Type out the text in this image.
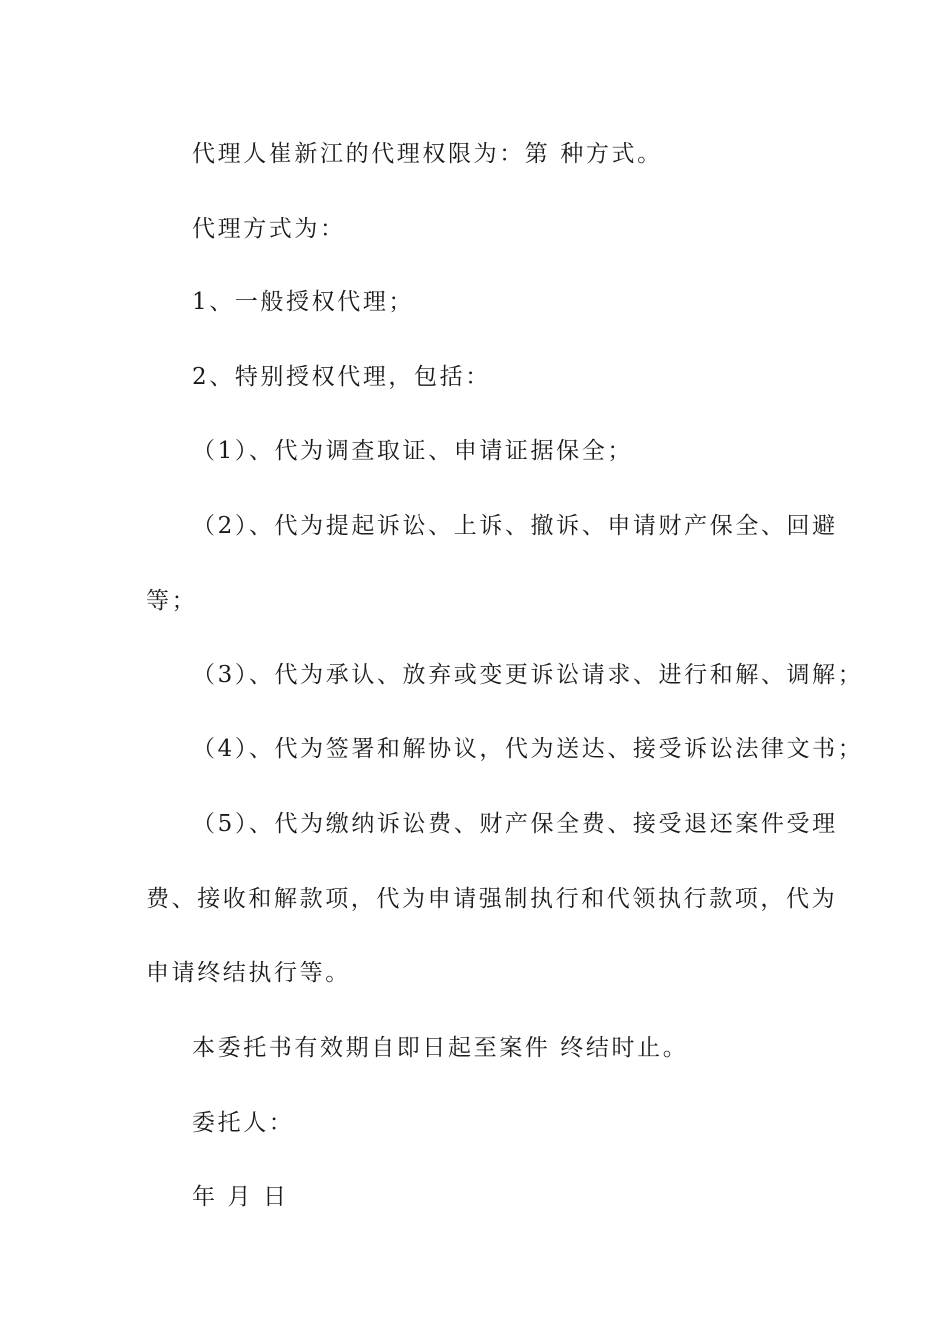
代理人崔新江的代理权限为：第 种方式。
代理方式为：
1、一般授权代理；
2、特别授权代理，包括：
（1）、代为调查取证、申请证据保全；
（2）、代为提起诉讼、上诉、撤诉、申请财产保全、回避
等；
（3）、代为承认、放弃或变更诉讼请求、进行和解、调解；
（4）、代为签署和解协议，代为送达、接受诉讼法律文书；
（5）、代为缴纳诉讼费、财产保全费、接受退还案件受理
费、接收和解款项，代为申请强制执行和代领执行款项，代为
申请终结执行等。
本委托书有效期自即日起至案件 终结时止。
委托人：
年 月 日
